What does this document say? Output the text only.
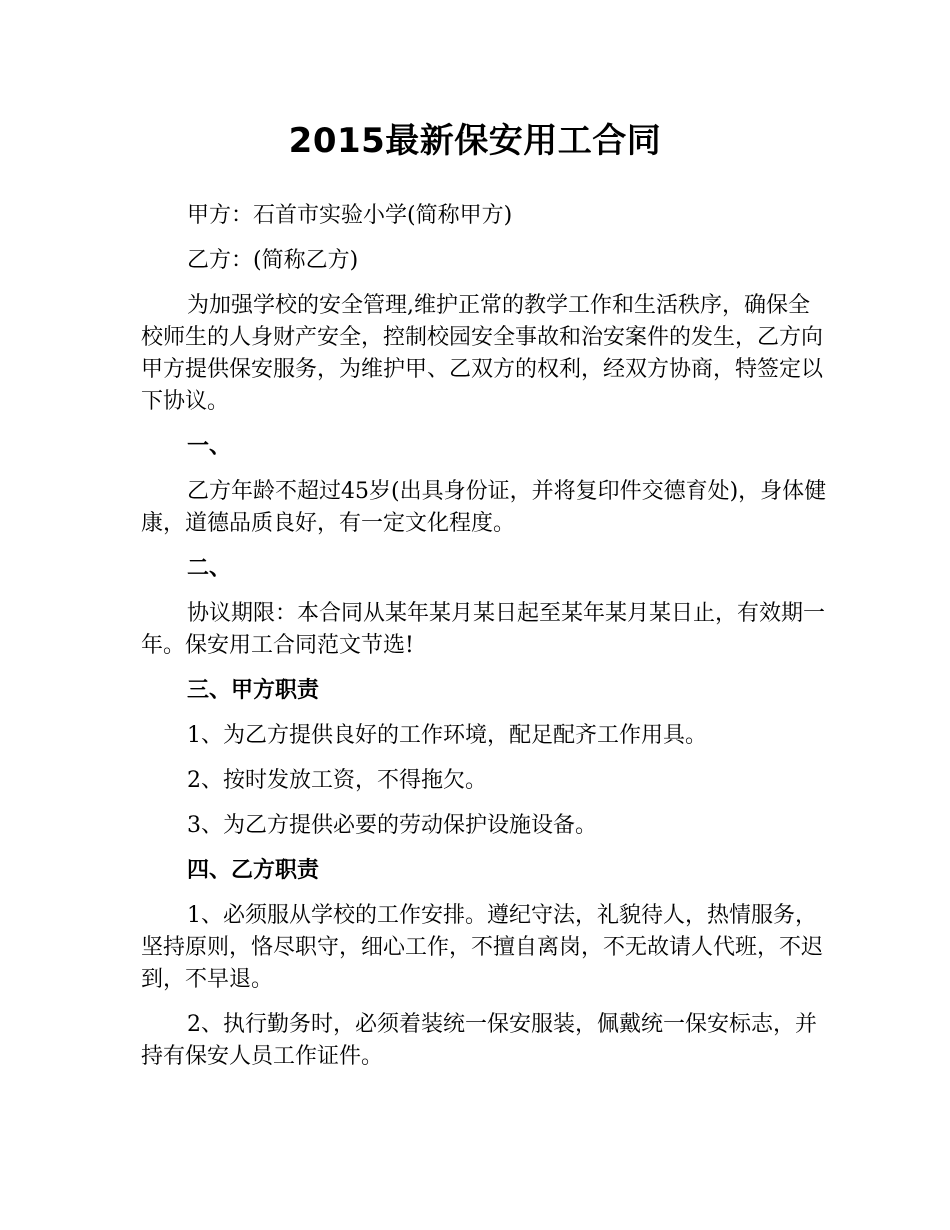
2015最新保安用工合同

甲方：石首市实验小学(简称甲方)

乙方：(简称乙方)

为加强学校的安全管理,维护正常的教学工作和生活秩序，确保全校师生的人身财产安全，控制校园安全事故和治安案件的发生，乙方向甲方提供保安服务，为维护甲、乙双方的权利，经双方协商，特签定以下协议。

一、

乙方年龄不超过45岁(出具身份证，并将复印件交德育处)，身体健康，道德品质良好，有一定文化程度。

二、

协议期限：本合同从某年某月某日起至某年某月某日止，有效期一年。保安用工合同范文节选!

三、甲方职责

1、为乙方提供良好的工作环境，配足配齐工作用具。

2、按时发放工资，不得拖欠。

3、为乙方提供必要的劳动保护设施设备。

四、乙方职责

1、必须服从学校的工作安排。遵纪守法，礼貌待人，热情服务，坚持原则，恪尽职守，细心工作，不擅自离岗，不无故请人代班，不迟到，不早退。

2、执行勤务时，必须着装统一保安服装，佩戴统一保安标志，并持有保安人员工作证件。
